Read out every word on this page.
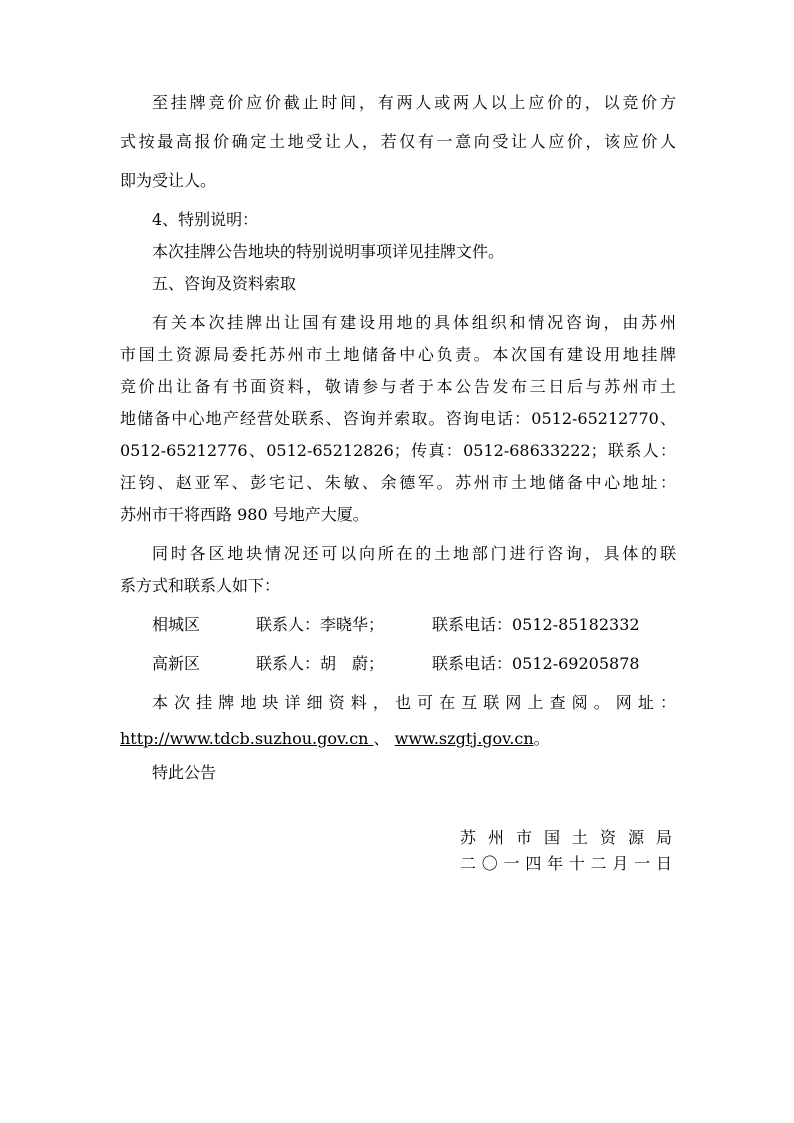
至挂牌竞价应价截止时间，有两人或两人以上应价的，以竞价方
式按最高报价确定土地受让人，若仅有一意向受让人应价，该应价人
即为受让人。
4、特别说明：
本次挂牌公告地块的特别说明事项详见挂牌文件。
五、咨询及资料索取
有关本次挂牌出让国有建设用地的具体组织和情况咨询，由苏州
市国土资源局委托苏州市土地储备中心负责。本次国有建设用地挂牌
竞价出让备有书面资料，敬请参与者于本公告发布三日后与苏州市土
地储备中心地产经营处联系、咨询并索取。咨询电话：0512-65212770、
0512-65212776、0512-65212826；传真：0512-68633222；联系人：
汪钧、赵亚军、彭宅记、朱敏、余德军。苏州市土地储备中心地址：
苏州市干将西路 980 号地产大厦。
同时各区地块情况还可以向所在的土地部门进行咨询，具体的联
系方式和联系人如下：
相城区	联系人：李晓华；	联系电话：0512-85182332
高新区	联系人：胡　蔚；	联系电话：0512-69205878
本次挂牌地块详细资料，也可在互联网上查阅。网址：
http://www.tdcb.suzhou.gov.cn 、 www.szgtj.gov.cn。
特此公告
苏州市国土资源局
二〇一四年十二月一日
